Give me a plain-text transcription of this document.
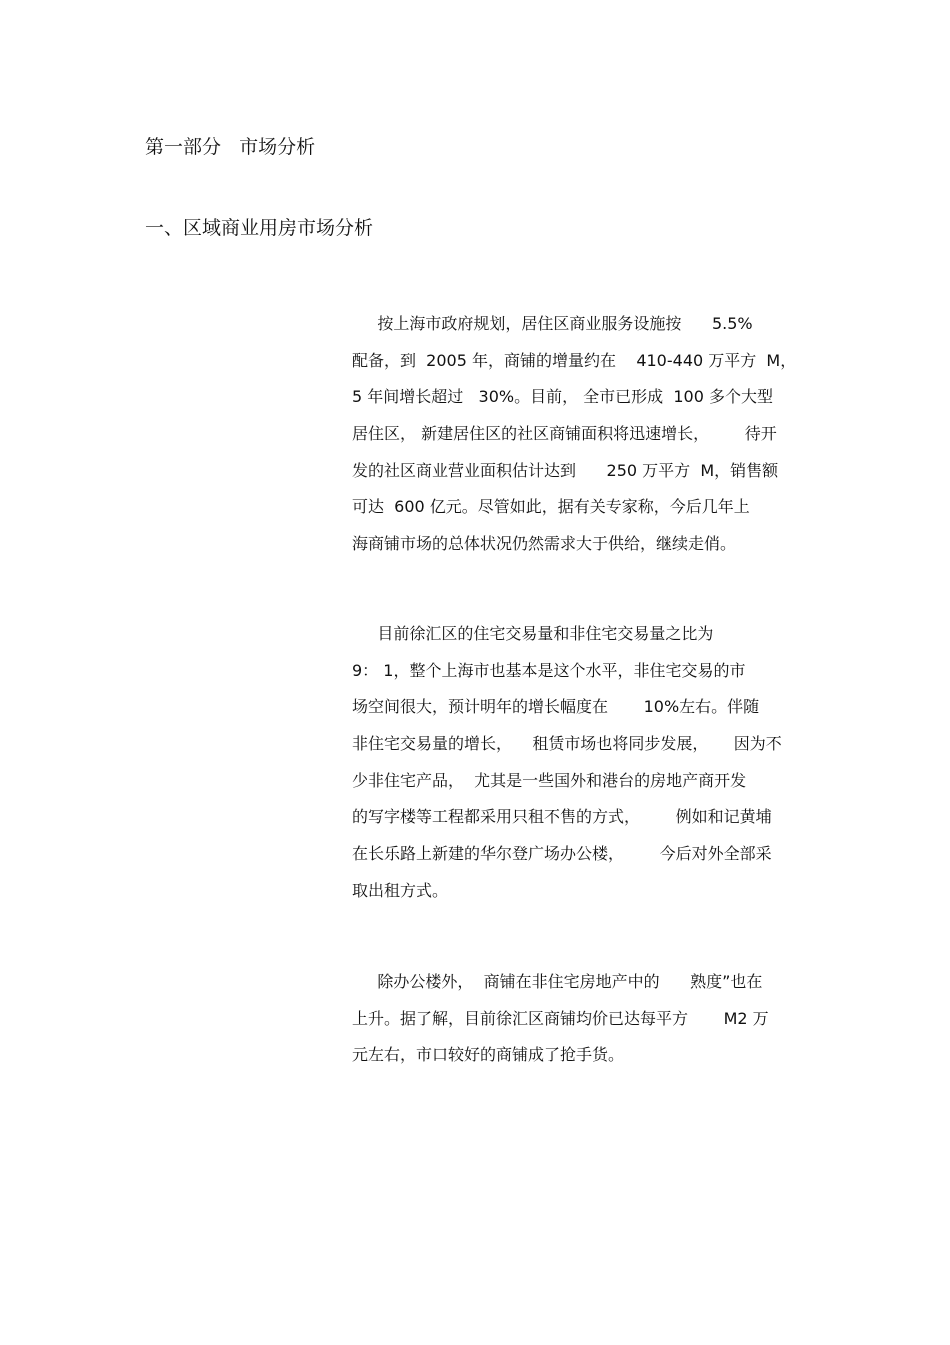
第一部分   市场分析
一、区域商业用房市场分析
按上海市政府规划，居住区商业服务设施按      5.5%
配备，到  2005 年，商铺的增量约在    410-440 万平方  M，
5 年间增长超过   30%。目前， 全市已形成  100 多个大型
居住区， 新建居住区的社区商铺面积将迅速增长，       待开
发的社区商业营业面积估计达到      250 万平方  M，销售额
可达  600 亿元。尽管如此，据有关专家称，今后几年上
海商铺市场的总体状况仍然需求大于供给，继续走俏。
目前徐汇区的住宅交易量和非住宅交易量之比为
9： 1，整个上海市也基本是这个水平，非住宅交易的市
场空间很大，预计明年的增长幅度在       10%左右。伴随
非住宅交易量的增长，    租赁市场也将同步发展，     因为不
少非住宅产品，  尤其是一些国外和港台的房地产商开发
的写字楼等工程都采用只租不售的方式，       例如和记黄埔
在长乐路上新建的华尔登广场办公楼，       今后对外全部采
取出租方式。
除办公楼外，  商铺在非住宅房地产中的      熟度”也在
上升。据了解，目前徐汇区商铺均价已达每平方       M2 万
元左右，市口较好的商铺成了抢手货。
